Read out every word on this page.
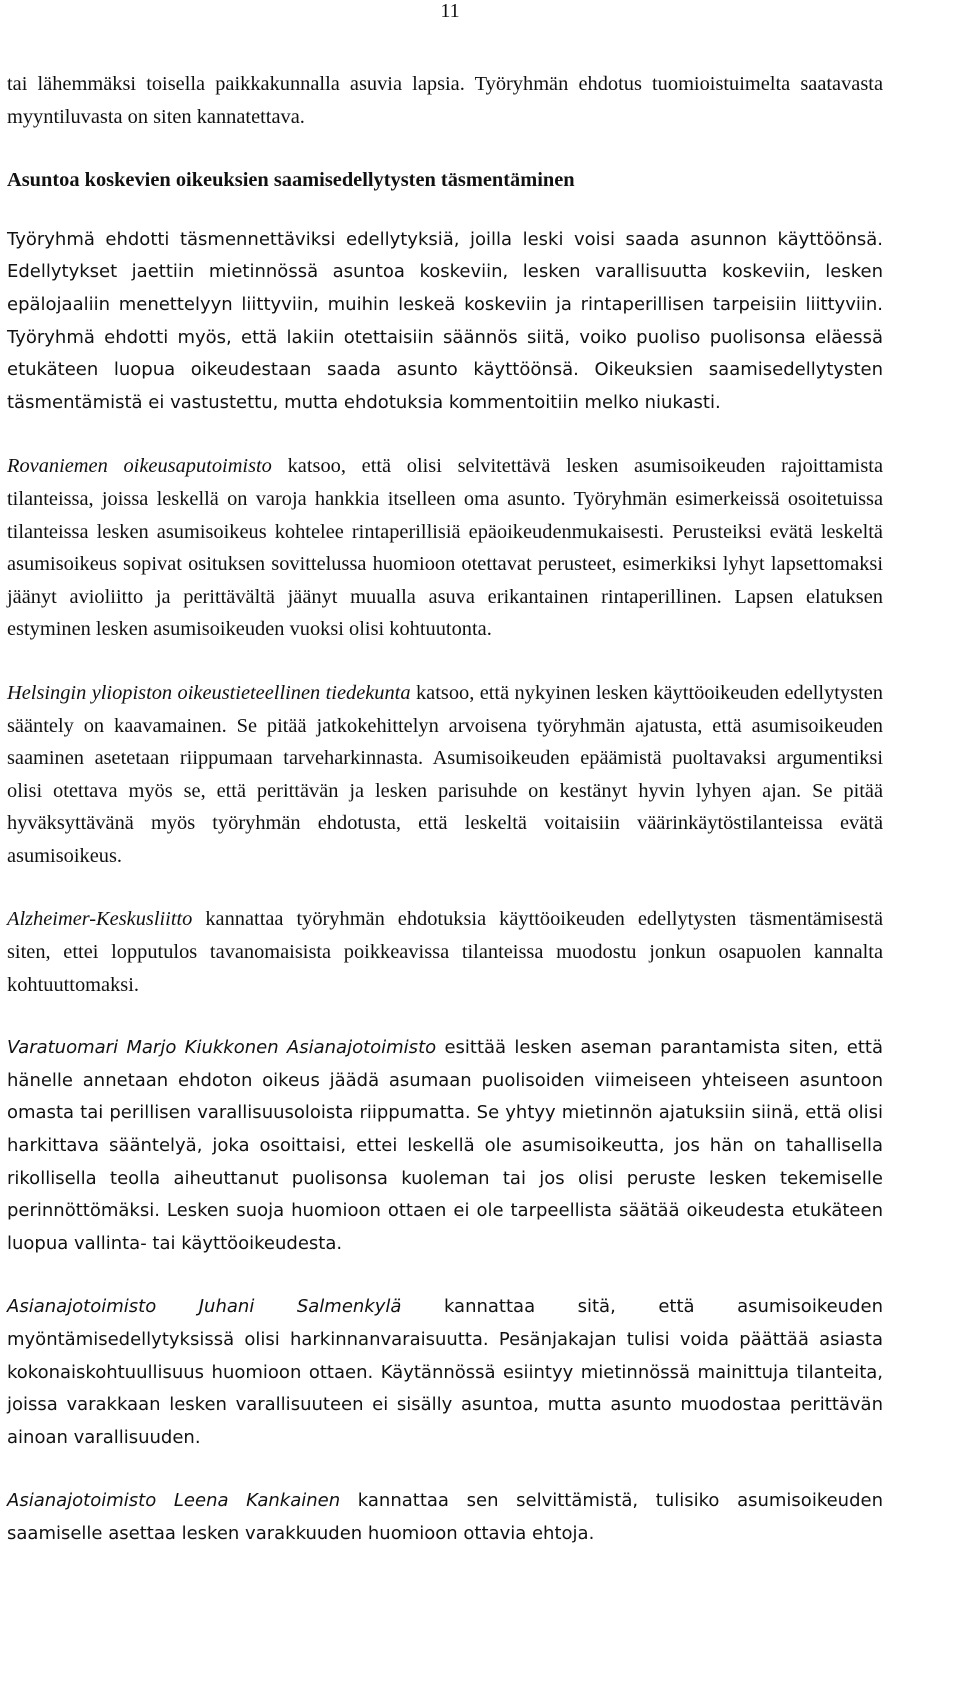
11

tai lähemmäksi toisella paikkakunnalla asuvia lapsia. Työryhmän ehdotus tuomioistuimelta saatavasta myyntiluvasta on siten kannatettava.

Asuntoa koskevien oikeuksien saamisedellytysten täsmentäminen

Työryhmä ehdotti täsmennettäviksi edellytyksiä, joilla leski voisi saada asunnon käyttöönsä. Edellytykset jaettiin mietinnössä asuntoa koskeviin, lesken varallisuutta koskeviin, lesken epälojaaliin menettelyyn liittyviin, muihin leskeä koskeviin ja rintaperillisen tarpeisiin liittyviin. Työryhmä ehdotti myös, että lakiin otettaisiin säännös siitä, voiko puoliso puolisonsa eläessä etukäteen luopua oikeudestaan saada asunto käyttöönsä. Oikeuksien saamisedellytysten täsmentämistä ei vastustettu, mutta ehdotuksia kommentoitiin melko niukasti.

Rovaniemen oikeusaputoimisto katsoo, että olisi selvitettävä lesken asumisoikeuden rajoittamista tilanteissa, joissa leskellä on varoja hankkia itselleen oma asunto. Työryhmän esimerkeissä osoitetuissa tilanteissa lesken asumisoikeus kohtelee rintaperillisiä epäoikeudenmukaisesti. Perusteiksi evätä leskeltä asumisoikeus sopivat osituksen sovittelussa huomioon otettavat perusteet, esimerkiksi lyhyt lapsettomaksi jäänyt avioliitto ja perittävältä jäänyt muualla asuva erikantainen rintaperillinen. Lapsen elatuksen estyminen lesken asumisoikeuden vuoksi olisi kohtuutonta.

Helsingin yliopiston oikeustieteellinen tiedekunta katsoo, että nykyinen lesken käyttöoikeuden edellytysten sääntely on kaavamainen. Se pitää jatkokehittelyn arvoisena työryhmän ajatusta, että asumisoikeuden saaminen asetetaan riippumaan tarveharkinnasta. Asumisoikeuden epäämistä puoltavaksi argumentiksi olisi otettava myös se, että perittävän ja lesken parisuhde on kestänyt hyvin lyhyen ajan. Se pitää hyväksyttävänä myös työryhmän ehdotusta, että leskeltä voitaisiin väärinkäytöstilanteissa evätä asumisoikeus.

Alzheimer-Keskusliitto kannattaa työryhmän ehdotuksia käyttöoikeuden edellytysten täsmentämisestä siten, ettei lopputulos tavanomaisista poikkeavissa tilanteissa muodostu jonkun osapuolen kannalta kohtuuttomaksi.

Varatuomari Marjo Kiukkonen Asianajotoimisto esittää lesken aseman parantamista siten, että hänelle annetaan ehdoton oikeus jäädä asumaan puolisoiden viimeiseen yhteiseen asuntoon omasta tai perillisen varallisuusoloista riippumatta. Se yhtyy mietinnön ajatuksiin siinä, että olisi harkittava sääntelyä, joka osoittaisi, ettei leskellä ole asumisoikeutta, jos hän on tahallisella rikollisella teolla aiheuttanut puolisonsa kuoleman tai jos olisi peruste lesken tekemiselle perinnöttömäksi. Lesken suoja huomioon ottaen ei ole tarpeellista säätää oikeudesta etukäteen luopua vallinta- tai käyttöoikeudesta.

Asianajotoimisto Juhani Salmenkylä kannattaa sitä, että asumisoikeuden myöntämisedellytyksissä olisi harkinnanvaraisuutta. Pesänjakajan tulisi voida päättää asiasta kokonaiskohtuullisuus huomioon ottaen. Käytännössä esiintyy mietinnössä mainittuja tilanteita, joissa varakkaan lesken varallisuuteen ei sisälly asuntoa, mutta asunto muodostaa perittävän ainoan varallisuuden.

Asianajotoimisto Leena Kankainen kannattaa sen selvittämistä, tulisiko asumisoikeuden saamiselle asettaa lesken varakkuuden huomioon ottavia ehtoja.
